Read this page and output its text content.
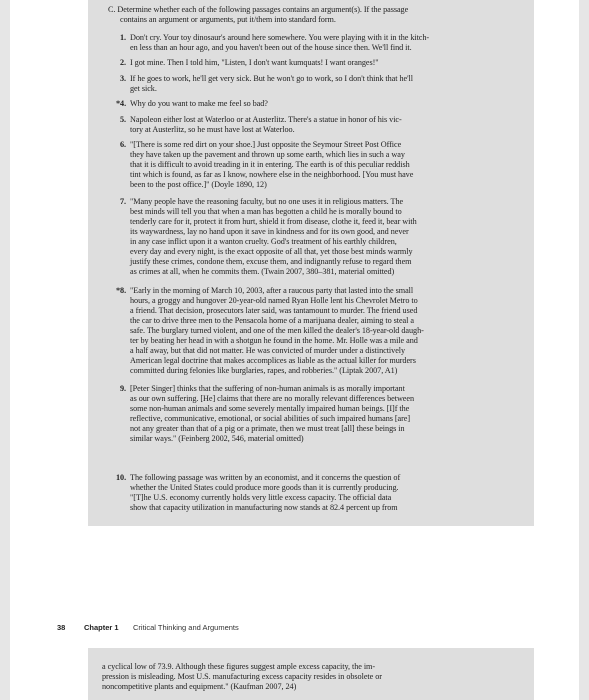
C. Determine whether each of the following passages contains an argument(s). If the passage
contains an argument or arguments, put it/them into standard form.
1. Don't cry. Your toy dinosaur's around here somewhere. You were playing with it in the kitch-
en less than an hour ago, and you haven't been out of the house since then. We'll find it.
2. I got mine. Then I told him, "Listen, I don't want kumquats! I want oranges!"
3. If he goes to work, he'll get very sick. But he won't go to work, so I don't think that he'll
get sick.
*4. Why do you want to make me feel so bad?
5. Napoleon either lost at Waterloo or at Austerlitz. There's a statue in honor of his vic-
tory at Austerlitz, so he must have lost at Waterloo.
6. "[There is some red dirt on your shoe.] Just opposite the Seymour Street Post Office
they have taken up the pavement and thrown up some earth, which lies in such a way
that it is difficult to avoid treading in it in entering. The earth is of this peculiar reddish
tint which is found, as far as I know, nowhere else in the neighborhood. [You must have
been to the post office.]" (Doyle 1890, 12)
7. "Many people have the reasoning faculty, but no one uses it in religious matters. The
best minds will tell you that when a man has begotten a child he is morally bound to
tenderly care for it, protect it from hurt, shield it from disease, clothe it, feed it, bear with
its waywardness, lay no hand upon it save in kindness and for its own good, and never
in any case inflict upon it a wanton cruelty. God's treatment of his earthly children,
every day and every night, is the exact opposite of all that, yet those best minds warmly
justify these crimes, condone them, excuse them, and indignantly refuse to regard them
as crimes at all, when he commits them. (Twain 2007, 380–381, material omitted)
*8. "Early in the morning of March 10, 2003, after a raucous party that lasted into the small
hours, a groggy and hungover 20-year-old named Ryan Holle lent his Chevrolet Metro to
a friend. That decision, prosecutors later said, was tantamount to murder. The friend used
the car to drive three men to the Pensacola home of a marijuana dealer, aiming to steal a
safe. The burglary turned violent, and one of the men killed the dealer's 18-year-old daugh-
ter by beating her head in with a shotgun he found in the home. Mr. Holle was a mile and
a half away, but that did not matter. He was convicted of murder under a distinctively
American legal doctrine that makes accomplices as liable as the actual killer for murders
committed during felonies like burglaries, rapes, and robberies." (Liptak 2007, A1)
9. [Peter Singer] thinks that the suffering of non-human animals is as morally important
as our own suffering. [He] claims that there are no morally relevant differences between
some non-human animals and some severely mentally impaired human beings. [I]f the
reflective, communicative, emotional, or social abilities of such impaired humans [are]
not any greater than that of a pig or a primate, then we must treat [all] these beings in
similar ways." (Feinberg 2002, 546, material omitted)
10. The following passage was written by an economist, and it concerns the question of
whether the United States could produce more goods than it is currently producing.
"[T]he U.S. economy currently holds very little excess capacity. The official data
show that capacity utilization in manufacturing now stands at 82.4 percent up from
38 Chapter 1 Critical Thinking and Arguments
a cyclical low of 73.9. Although these figures suggest ample excess capacity, the im-
pression is misleading. Most U.S. manufacturing excess capacity resides in obsolete or
noncompetitive plants and equipment." (Kaufman 2007, 24)
